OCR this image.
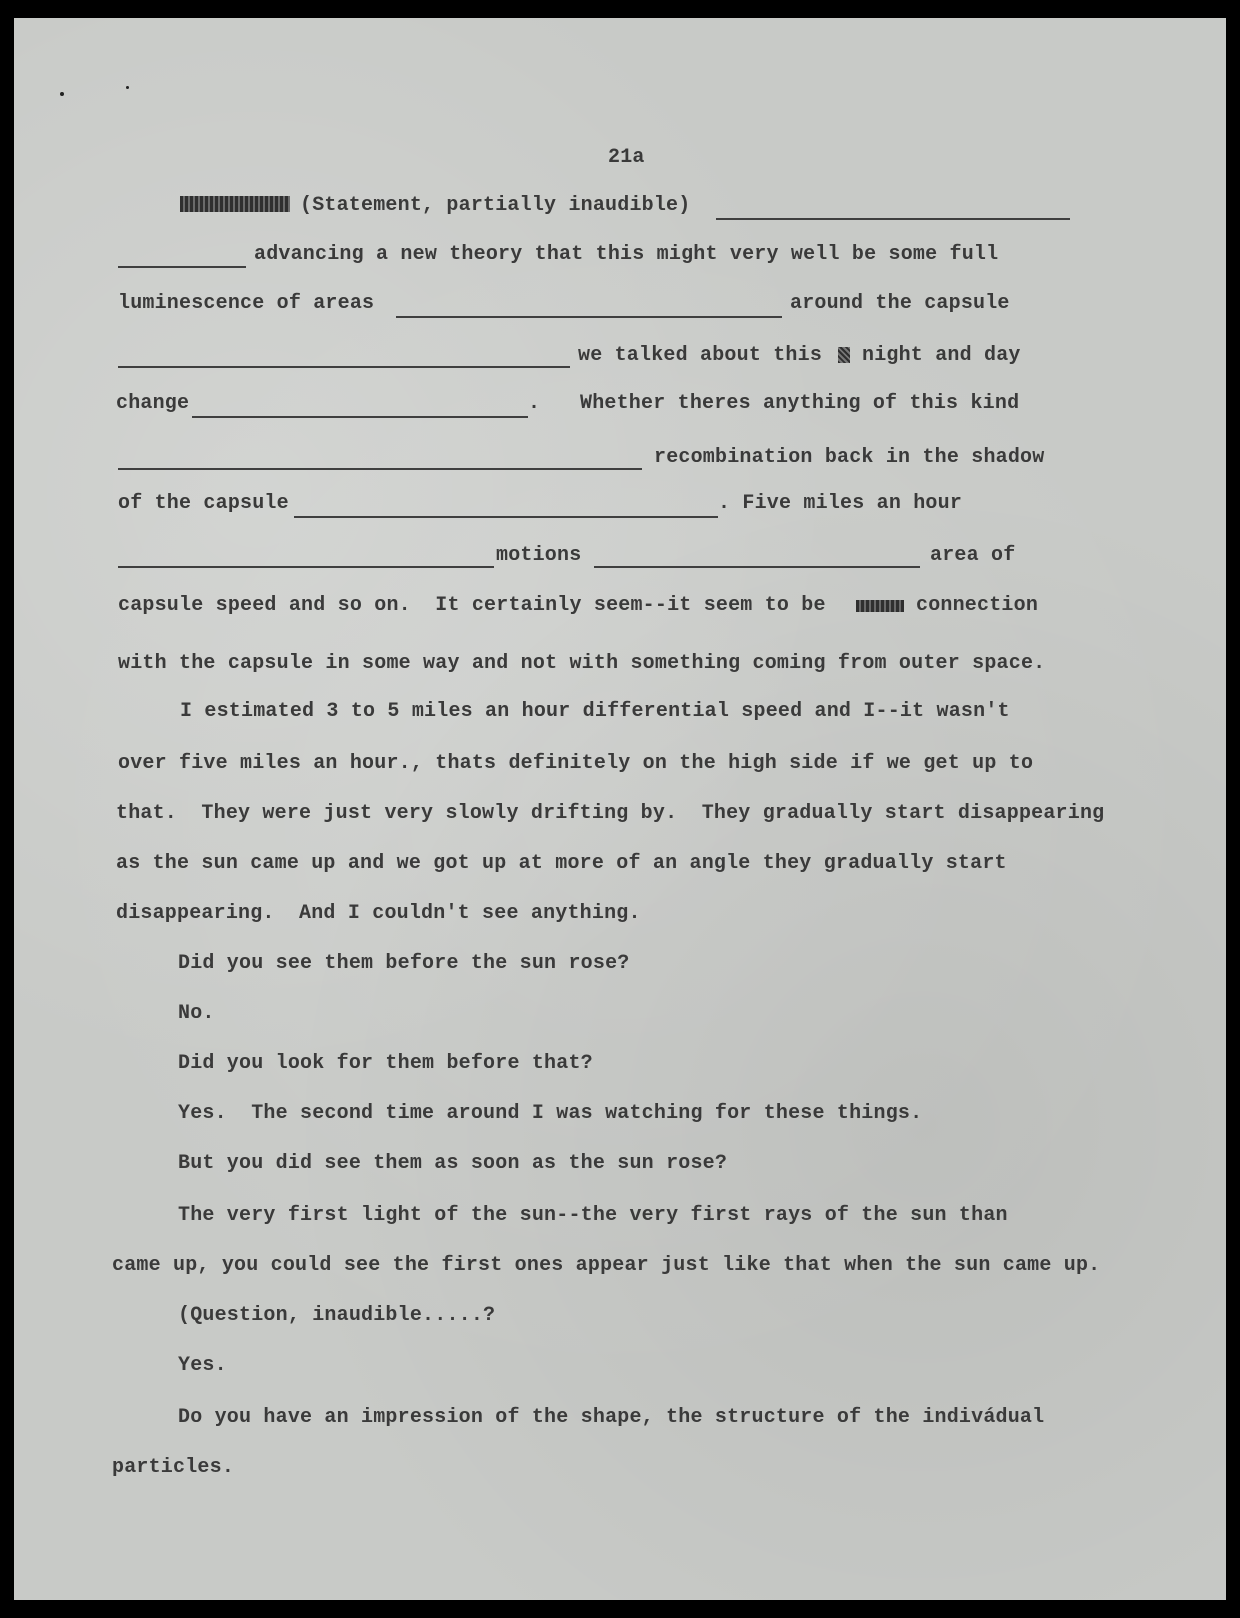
21a
(Statement, partially inaudible)
advancing a new theory that this might very well be some full
luminescence of areas	around the capsule
we talked about this night and day
change	. Whether theres anything of this kind
recombination back in the shadow
of the capsule	. Five miles an hour
motions	area of
capsule speed and so on.  It certainly seem--it seem to be	connection
with the capsule in some way and not with something coming from outer space.
I estimated 3 to 5 miles an hour differential speed and I--it wasn't
over five miles an hour., thats definitely on the high side if we get up to
that.  They were just very slowly drifting by.  They gradually start disappearing
as the sun came up and we got up at more of an angle they gradually start
disappearing.  And I couldn't see anything.
Did you see them before the sun rose?
No.
Did you look for them before that?
Yes.  The second time around I was watching for these things.
But you did see them as soon as the sun rose?
The very first light of the sun--the very first rays of the sun than
came up, you could see the first ones appear just like that when the sun came up.
(Question, inaudible.....?
Yes.
Do you have an impression of the shape, the structure of the indivádual
particles.
